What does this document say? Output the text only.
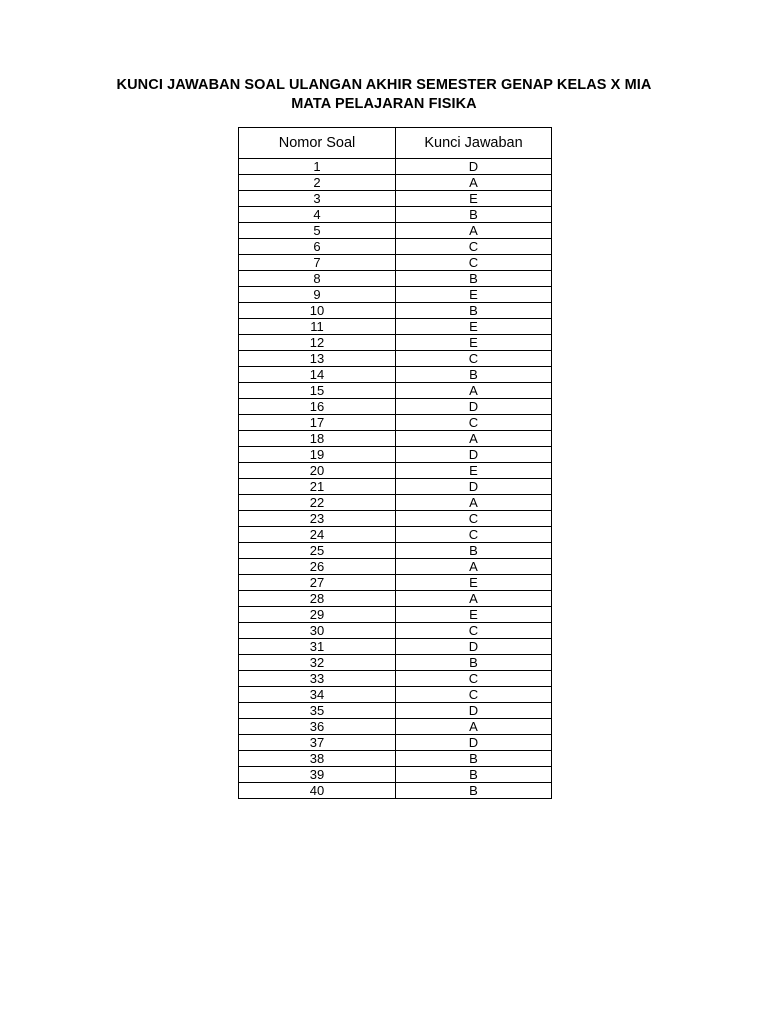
KUNCI JAWABAN SOAL ULANGAN AKHIR SEMESTER GENAP KELAS X MIA
MATA PELAJARAN FISIKA
Nomor Soal	Kunci Jawaban
1	D
2	A
3	E
4	B
5	A
6	C
7	C
8	B
9	E
10	B
11	E
12	E
13	C
14	B
15	A
16	D
17	C
18	A
19	D
20	E
21	D
22	A
23	C
24	C
25	B
26	A
27	E
28	A
29	E
30	C
31	D
32	B
33	C
34	C
35	D
36	A
37	D
38	B
39	B
40	B
